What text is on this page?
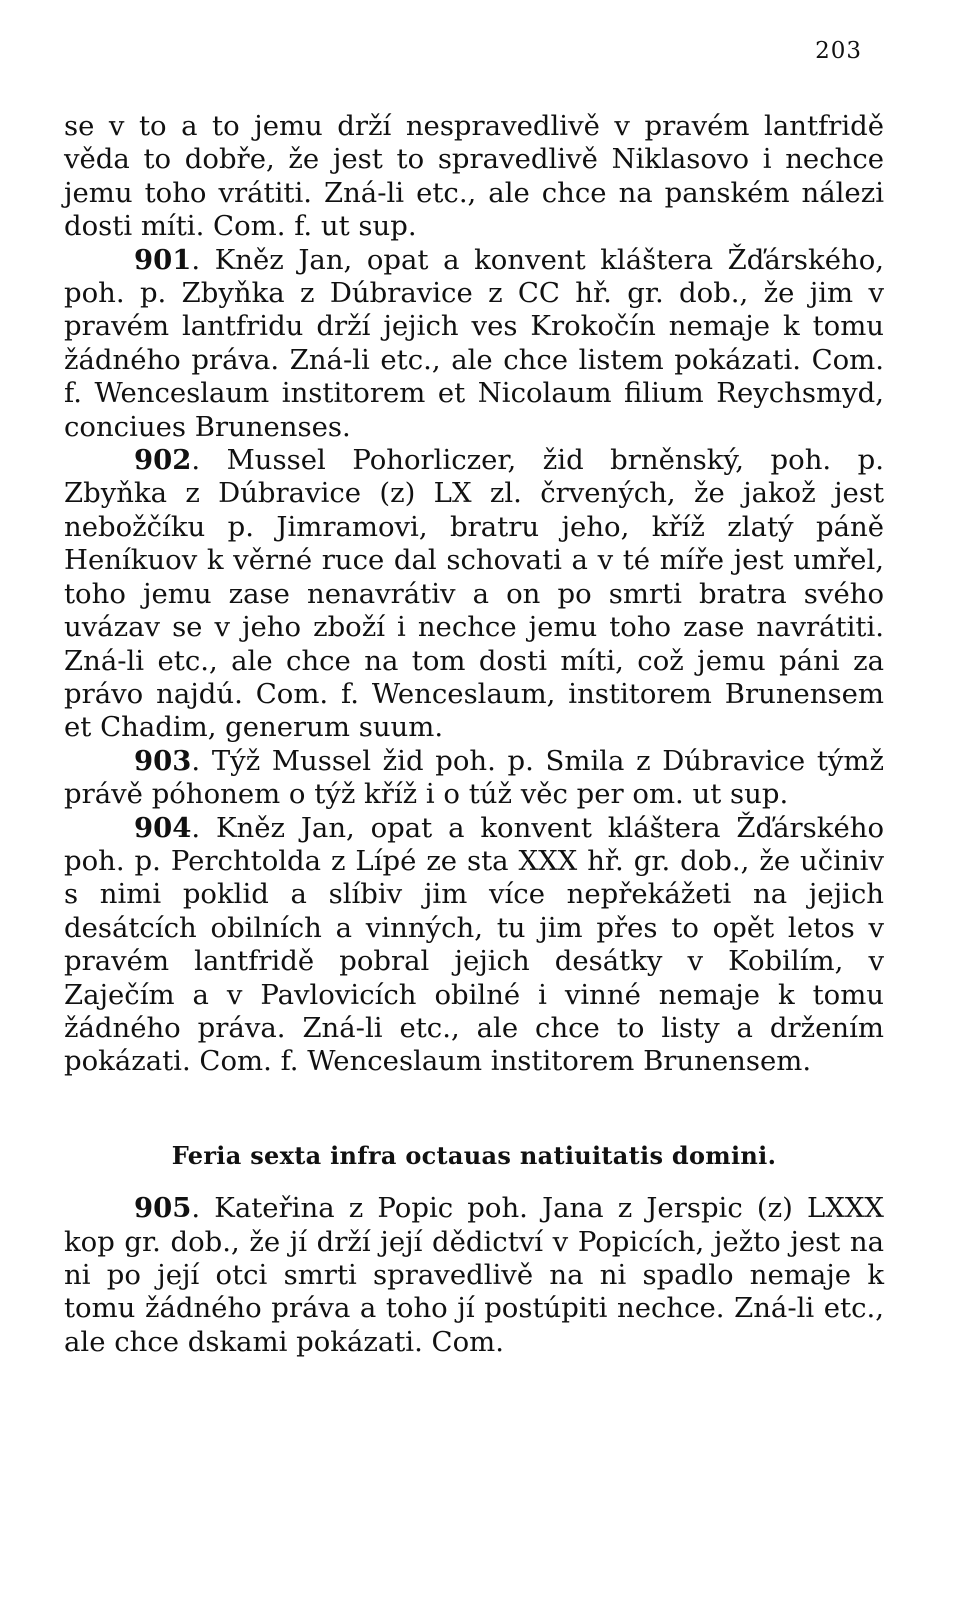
203

se v to a to jemu drží nespravedlivě v pravém lantfridě věda to dobře, že jest to spravedlivě Niklasovo i nechce jemu toho vrátiti. Zná-li etc., ale chce na panském nálezi dosti míti. Com. f. ut sup.

901. Kněz Jan, opat a konvent kláštera Žďárského, poh. p. Zbyňka z Dúbravice z CC hř. gr. dob., že jim v pravém lantfridu drží jejich ves Krokočín nemaje k tomu žádného práva. Zná-li etc., ale chce listem pokázati. Com. f. Wenceslaum institorem et Nicolaum filium Reychsmyd, conciues Brunenses.

902. Mussel Pohorliczer, žid brněnský, poh. p. Zbyňka z Dúbravice (z) LX zl. črvených, že jakož jest nebožčíku p. Jimramovi, bratru jeho, kříž zlatý páně Heníkuov k věrné ruce dal schovati a v té míře jest umřel, toho jemu zase nenavrátiv a on po smrti bratra svého uvázav se v jeho zboží i nechce jemu toho zase navrátiti. Zná-li etc., ale chce na tom dosti míti, což jemu páni za právo najdú. Com. f. Wenceslaum, institorem Brunensem et Chadim, generum suum.

903. Týž Mussel žid poh. p. Smila z Dúbravice týmž právě póhonem o týž kříž i o túž věc per om. ut sup.

904. Kněz Jan, opat a konvent kláštera Žďárského poh. p. Perchtolda z Lípé ze sta XXX hř. gr. dob., že učiniv s nimi poklid a slíbiv jim více nepřekážeti na jejich desátcích obilních a vinných, tu jim přes to opět letos v pravém lantfridě pobral jejich desátky v Kobilím, v Zaječím a v Pavlovicích obilné i vinné nemaje k tomu žádného práva. Zná-li etc., ale chce to listy a držením pokázati. Com. f. Wenceslaum institorem Brunensem.

Feria sexta infra octauas natiuitatis domini.

905. Kateřina z Popic poh. Jana z Jerspic (z) LXXX kop gr. dob., že jí drží její dědictví v Popicích, ježto jest na ni po její otci smrti spravedlivě na ni spadlo nemaje k tomu žádného práva a toho jí postúpiti nechce. Zná-li etc., ale chce dskami pokázati. Com.
